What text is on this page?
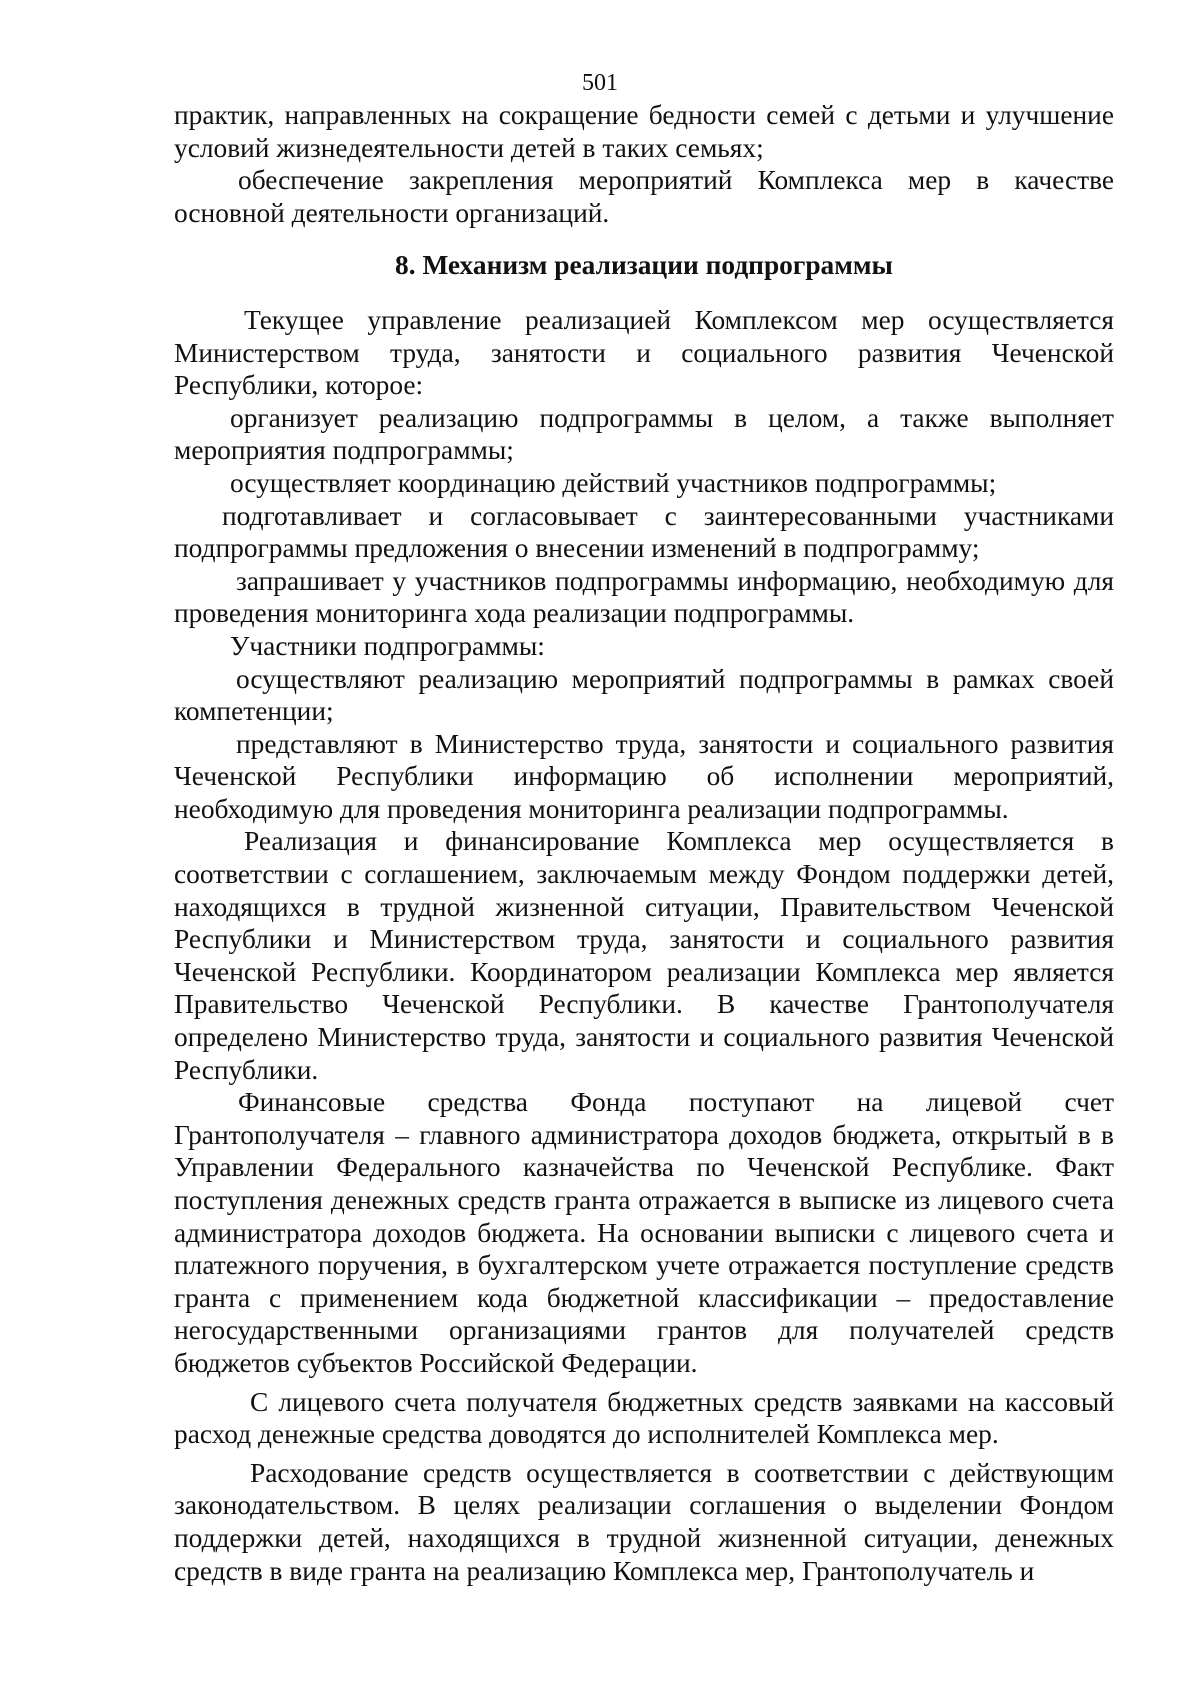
501

практик, направленных на сокращение бедности семей с детьми и улучшение условий жизнедеятельности детей в таких семьях;

обеспечение закрепления мероприятий Комплекса мер в качестве основной деятельности организаций.

8. Механизм реализации подпрограммы

Текущее управление реализацией Комплексом мер осуществляется Министерством труда, занятости и социального развития Чеченской Республики, которое:

организует реализацию подпрограммы в целом, а также выполняет мероприятия подпрограммы;

осуществляет координацию действий участников подпрограммы;

подготавливает и согласовывает с заинтересованными участниками подпрограммы предложения о внесении изменений в подпрограмму;

запрашивает у участников подпрограммы информацию, необходимую для проведения мониторинга хода реализации подпрограммы.

Участники подпрограммы:

осуществляют реализацию мероприятий подпрограммы в рамках своей компетенции;

представляют в Министерство труда, занятости и социального развития Чеченской Республики информацию об исполнении мероприятий, необходимую для проведения мониторинга реализации подпрограммы.

Реализация и финансирование Комплекса мер осуществляется в соответствии с соглашением, заключаемым между Фондом поддержки детей, находящихся в трудной жизненной ситуации, Правительством Чеченской Республики и Министерством труда, занятости и социального развития Чеченской Республики. Координатором реализации Комплекса мер является Правительство Чеченской Республики. В качестве Грантополучателя определено Министерство труда, занятости и социального развития Чеченской Республики.

Финансовые средства Фонда поступают на лицевой счет Грантополучателя – главного администратора доходов бюджета, открытый в в Управлении Федерального казначейства по Чеченской Республике. Факт поступления денежных средств гранта отражается в выписке из лицевого счета администратора доходов бюджета. На основании выписки с лицевого счета и платежного поручения, в бухгалтерском учете отражается поступление средств гранта с применением кода бюджетной классификации – предоставление негосударственными организациями грантов для получателей средств бюджетов субъектов Российской Федерации.

С лицевого счета получателя бюджетных средств заявками на кассовый расход денежные средства доводятся до исполнителей Комплекса мер.

Расходование средств осуществляется в соответствии с действующим законодательством. В целях реализации соглашения о выделении Фондом поддержки детей, находящихся в трудной жизненной ситуации, денежных средств в виде гранта на реализацию Комплекса мер, Грантополучатель и
